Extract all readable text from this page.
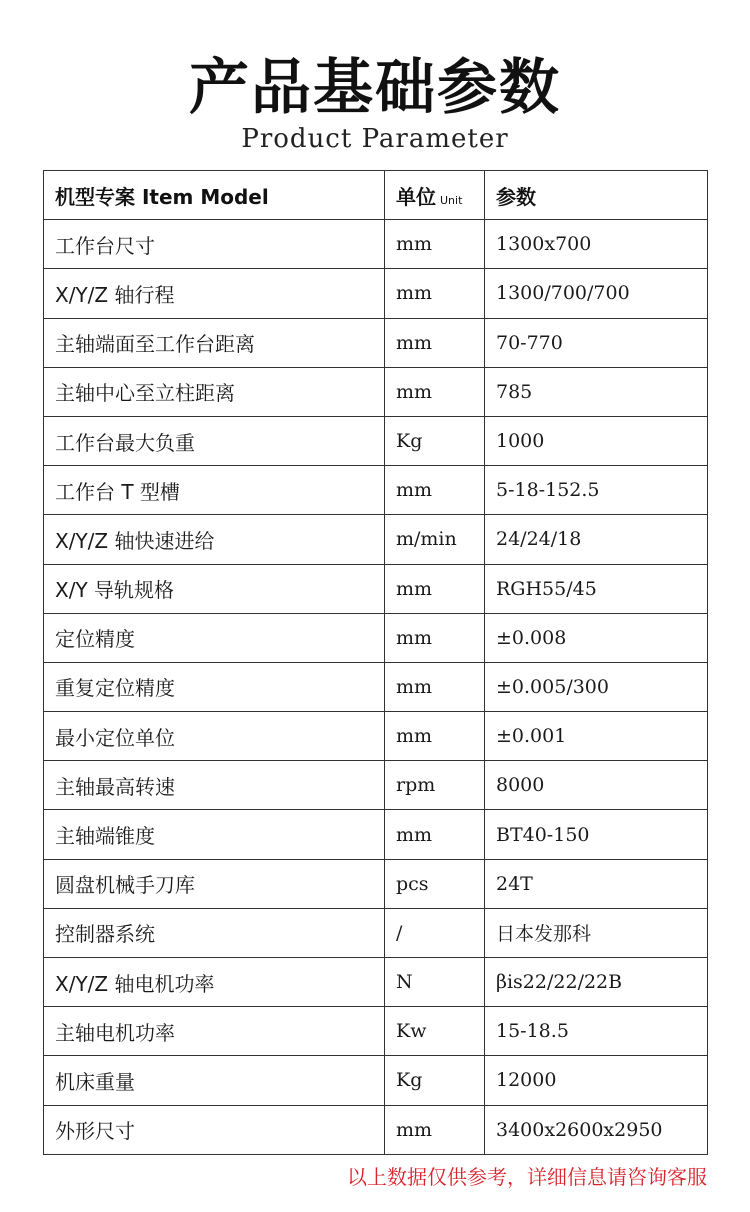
产品基础参数
Product Parameter
机型专案 Item Model	单位 Unit	参数
工作台尺寸	mm	1300x700
X/Y/Z 轴行程	mm	1300/700/700
主轴端面至工作台距离	mm	70-770
主轴中心至立柱距离	mm	785
工作台最大负重	Kg	1000
工作台 T 型槽	mm	5-18-152.5
X/Y/Z 轴快速进给	m/min	24/24/18
X/Y 导轨规格	mm	RGH55/45
定位精度	mm	±0.008
重复定位精度	mm	±0.005/300
最小定位单位	mm	±0.001
主轴最高转速	rpm	8000
主轴端锥度	mm	BT40-150
圆盘机械手刀库	pcs	24T
控制器系统	/	日本发那科
X/Y/Z 轴电机功率	N	βis22/22/22B
主轴电机功率	Kw	15-18.5
机床重量	Kg	12000
外形尺寸	mm	3400x2600x2950
以上数据仅供参考，详细信息请咨询客服
